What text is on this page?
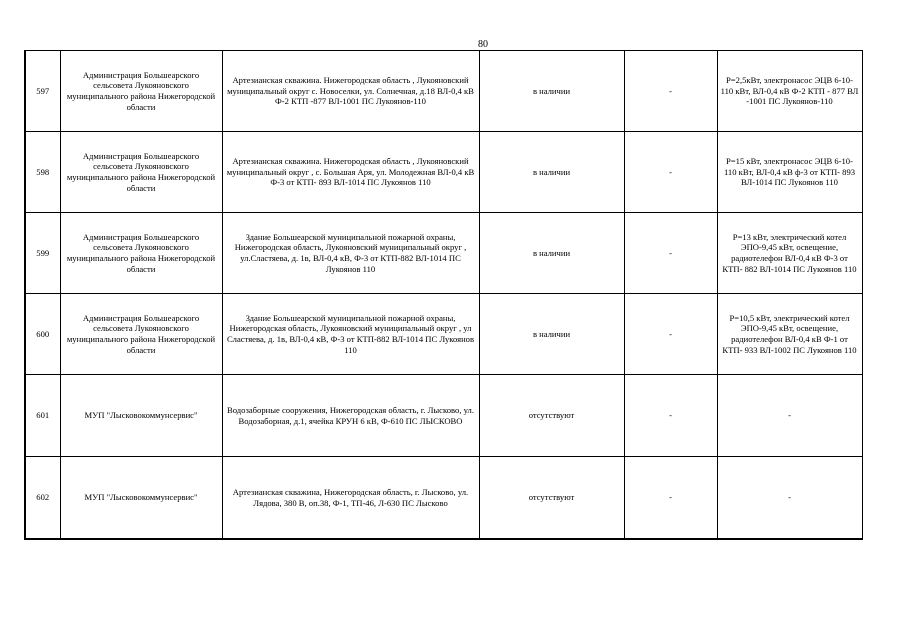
80
597	Администрация Большеарского сельсовета Лукояновского муниципального района Нижегородской области	Артезианская скважина. Нижегородская область , Лукояновский муниципальный округ с. Новоселки, ул. Солнечная, д.18 ВЛ-0,4 кВ Ф-2 КТП -877 ВЛ-1001 ПС Лукоянов-110	в наличии	-	Р=2,5кВт, электронасос ЭЦВ 6-10-110 кВт, ВЛ-0,4 кВ Ф-2 КТП - 877 ВЛ -1001 ПС Лукоянов-110
598	Администрация Большеарского сельсовета Лукояновского муниципального района Нижегородской области	Артезианская скважина. Нижегородская область , Лукояновский муниципальный округ , с. Большая Аря, ул. Молодежная ВЛ-0,4 кВ Ф-3 от КТП- 893 ВЛ-1014 ПС Лукоянов 110	в наличии	-	Р=15 кВт, электронасос ЭЦВ 6-10-110 кВт, ВЛ-0,4 кВ ф-3 от КТП- 893 ВЛ-1014 ПС Лукоянов 110
599	Администрация Большеарского сельсовета Лукояновского муниципального района Нижегородской области	Здание Большеарской муниципальной пожарной охраны, Нижегородская область, Лукояновский муниципальный округ , ул.Сластяева, д. 1в, ВЛ-0,4 кВ, Ф-3 от КТП-882 ВЛ-1014 ПС Лукоянов 110	в наличии	-	Р=13 кВт, электрический котел ЭПО-9,45 кВт, освещение, радиотелефон ВЛ-0,4 кВ Ф-3 от КТП- 882 ВЛ-1014 ПС Лукоянов 110
600	Администрация Большеарского сельсовета Лукояновского муниципального района Нижегородской области	Здание Большеарской муниципальной пожарной охраны, Нижегородская область, Лукояновский муниципальный округ , ул Сластяева, д. 1в, ВЛ-0,4 кВ, Ф-3 от КТП-882 ВЛ-1014 ПС Лукоянов 110	в наличии	-	Р=10,5 кВт, электрический котел ЭПО-9,45 кВт, освещение, радиотелефон ВЛ-0,4 кВ Ф-1 от КТП- 933 ВЛ-1002 ПС Лукоянов 110
601	МУП "Лысковокоммунсервис"	Водозаборные сооружения, Нижегородская область, г. Лысково, ул. Водозаборная, д.1, ячейка КРУН 6 кВ, Ф-610 ПС ЛЫСКОВО	отсутствуют	-	-
602	МУП "Лысковокоммунсервис"	Артезианская скважина, Нижегородская область, г. Лысково, ул. Лядова, 380 В, оп.38, Ф-1, ТП-46, Л-630 ПС Лысково	отсутствуют	-	-
